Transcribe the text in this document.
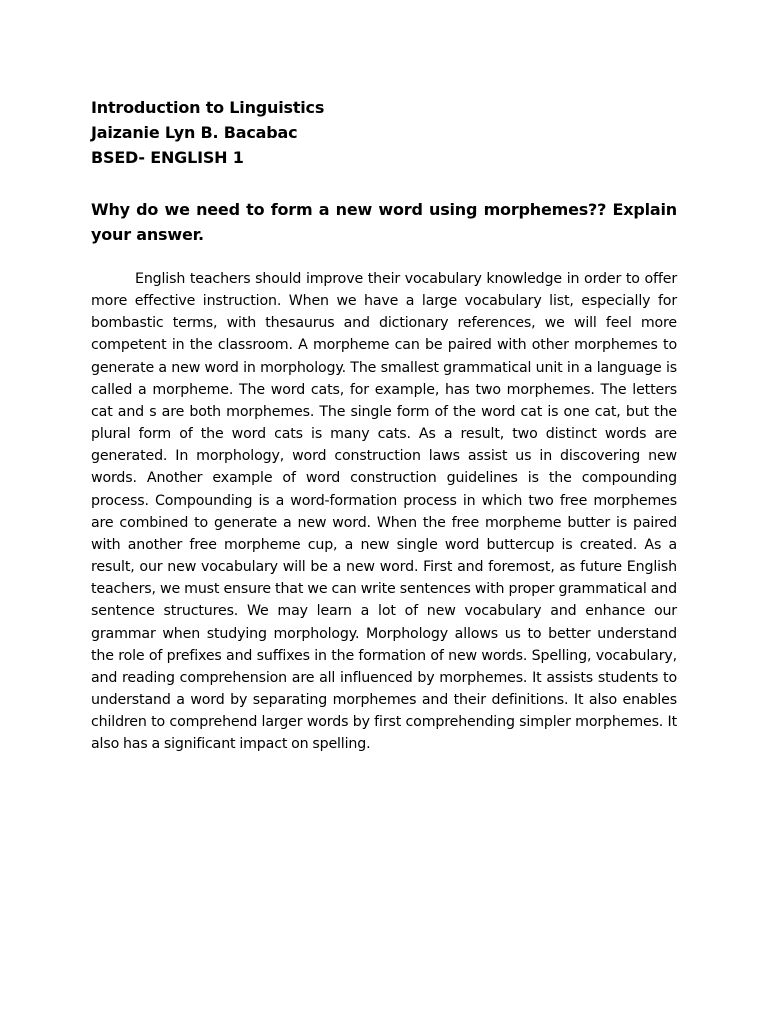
Introduction to Linguistics
Jaizanie Lyn B. Bacabac
BSED- ENGLISH 1
Why do we need to form a new word using morphemes?? Explain your answer.

English teachers should improve their vocabulary knowledge in order to offer more effective instruction. When we have a large vocabulary list, especially for bombastic terms, with thesaurus and dictionary references, we will feel more competent in the classroom. A morpheme can be paired with other morphemes to generate a new word in morphology. The smallest grammatical unit in a language is called a morpheme. The word cats, for example, has two morphemes. The letters cat and s are both morphemes. The single form of the word cat is one cat, but the plural form of the word cats is many cats. As a result, two distinct words are generated. In morphology, word construction laws assist us in discovering new words. Another example of word construction guidelines is the compounding process. Compounding is a word-formation process in which two free morphemes are combined to generate a new word. When the free morpheme butter is paired with another free morpheme cup, a new single word buttercup is created. As a result, our new vocabulary will be a new word. First and foremost, as future English teachers, we must ensure that we can write sentences with proper grammatical and sentence structures. We may learn a lot of new vocabulary and enhance our grammar when studying morphology. Morphology allows us to better understand the role of prefixes and suffixes in the formation of new words. Spelling, vocabulary, and reading comprehension are all influenced by morphemes. It assists students to understand a word by separating morphemes and their definitions. It also enables children to comprehend larger words by first comprehending simpler morphemes. It also has a significant impact on spelling.
